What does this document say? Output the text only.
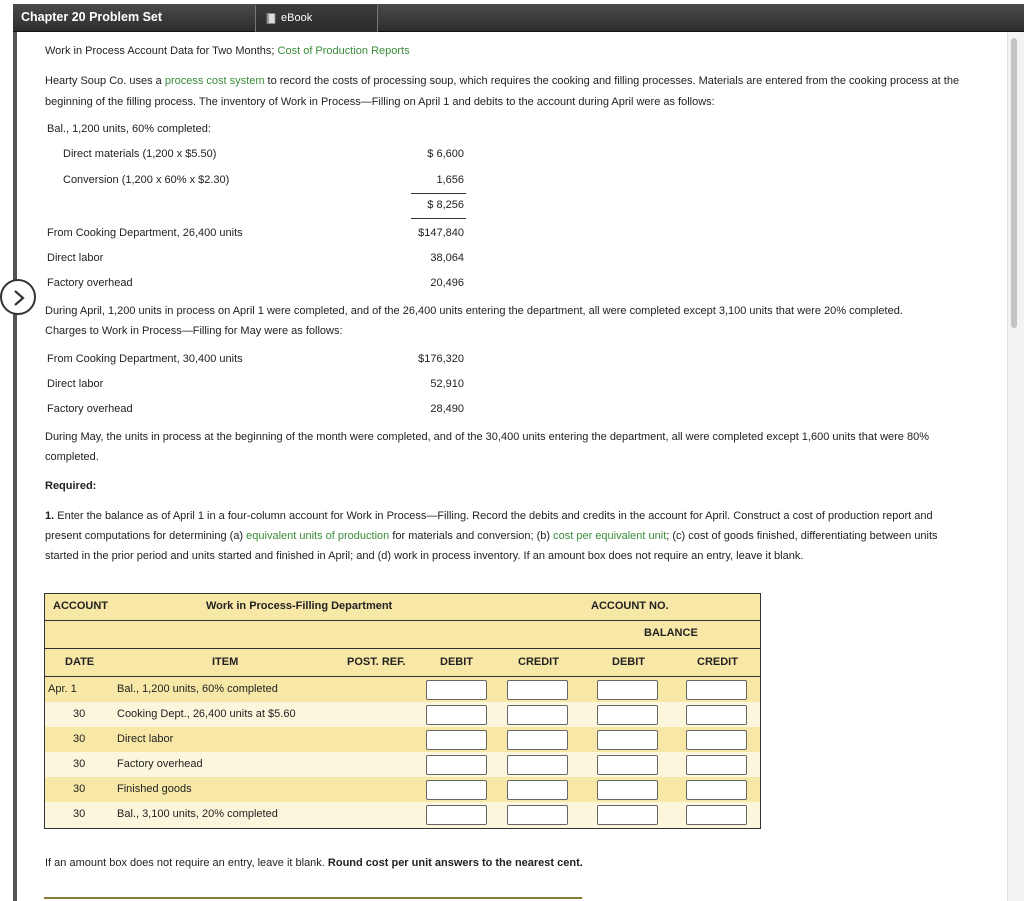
Chapter 20 Problem Set	eBook
Work in Process Account Data for Two Months; Cost of Production Reports
Hearty Soup Co. uses a process cost system to record the costs of processing soup, which requires the cooking and filling processes. Materials are entered from the cooking process at the
beginning of the filling process. The inventory of Work in Process—Filling on April 1 and debits to the account during April were as follows:
Bal., 1,200 units, 60% completed:
Direct materials (1,200 x $5.50)	$ 6,600
Conversion (1,200 x 60% x $2.30)	1,656
$ 8,256
From Cooking Department, 26,400 units	$147,840
Direct labor	38,064
Factory overhead	20,496
During April, 1,200 units in process on April 1 were completed, and of the 26,400 units entering the department, all were completed except 3,100 units that were 20% completed.
Charges to Work in Process—Filling for May were as follows:
From Cooking Department, 30,400 units	$176,320
Direct labor	52,910
Factory overhead	28,490
During May, the units in process at the beginning of the month were completed, and of the 30,400 units entering the department, all were completed except 1,600 units that were 80%
completed.
Required:
1. Enter the balance as of April 1 in a four-column account for Work in Process—Filling. Record the debits and credits in the account for April. Construct a cost of production report and
present computations for determining (a) equivalent units of production for materials and conversion; (b) cost per equivalent unit; (c) cost of goods finished, differentiating between units
started in the prior period and units started and finished in April; and (d) work in process inventory. If an amount box does not require an entry, leave it blank.
ACCOUNT	Work in Process-Filling Department	ACCOUNT NO.
BALANCE
DATE	ITEM	POST. REF.	DEBIT	CREDIT	DEBIT	CREDIT
Apr. 1	Bal., 1,200 units, 60% completed
30	Cooking Dept., 26,400 units at $5.60
30	Direct labor
30	Factory overhead
30	Finished goods
30	Bal., 3,100 units, 20% completed
If an amount box does not require an entry, leave it blank. Round cost per unit answers to the nearest cent.
